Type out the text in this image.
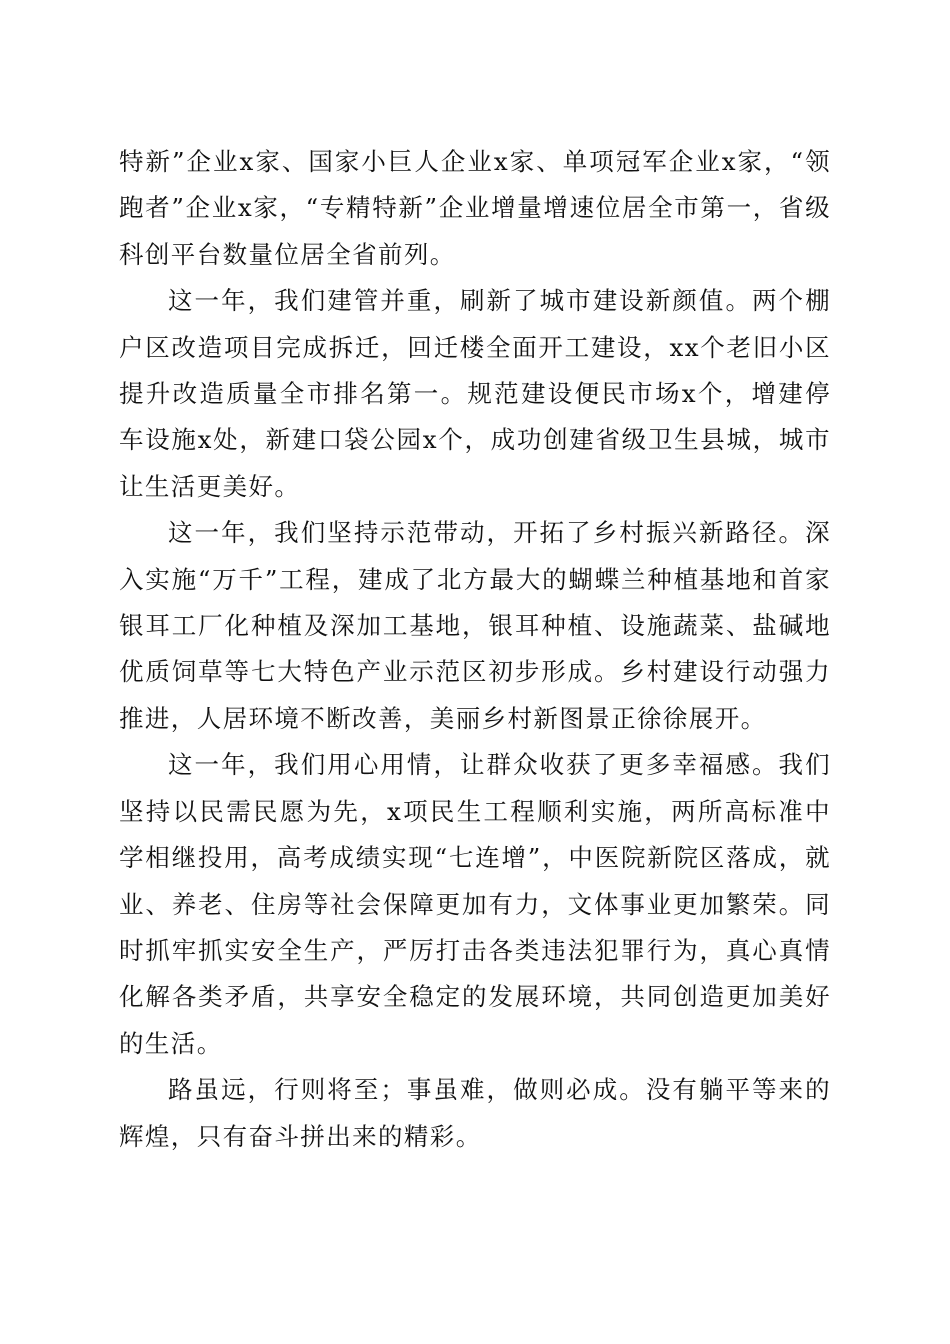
特新”企业x家、国家小巨人企业x家、单项冠军企业x家，“领跑者”企业x家，“专精特新”企业增量增速位居全市第一，省级科创平台数量位居全省前列。

这一年，我们建管并重，刷新了城市建设新颜值。两个棚户区改造项目完成拆迁，回迁楼全面开工建设，xx个老旧小区提升改造质量全市排名第一。规范建设便民市场x个，增建停车设施x处，新建口袋公园x个，成功创建省级卫生县城，城市让生活更美好。

这一年，我们坚持示范带动，开拓了乡村振兴新路径。深入实施“万千”工程，建成了北方最大的蝴蝶兰种植基地和首家银耳工厂化种植及深加工基地，银耳种植、设施蔬菜、盐碱地优质饲草等七大特色产业示范区初步形成。乡村建设行动强力推进，人居环境不断改善，美丽乡村新图景正徐徐展开。

这一年，我们用心用情，让群众收获了更多幸福感。我们坚持以民需民愿为先，x项民生工程顺利实施，两所高标准中学相继投用，高考成绩实现“七连增”，中医院新院区落成，就业、养老、住房等社会保障更加有力，文体事业更加繁荣。同时抓牢抓实安全生产，严厉打击各类违法犯罪行为，真心真情化解各类矛盾，共享安全稳定的发展环境，共同创造更加美好的生活。

路虽远，行则将至；事虽难，做则必成。没有躺平等来的辉煌，只有奋斗拼出来的精彩。
